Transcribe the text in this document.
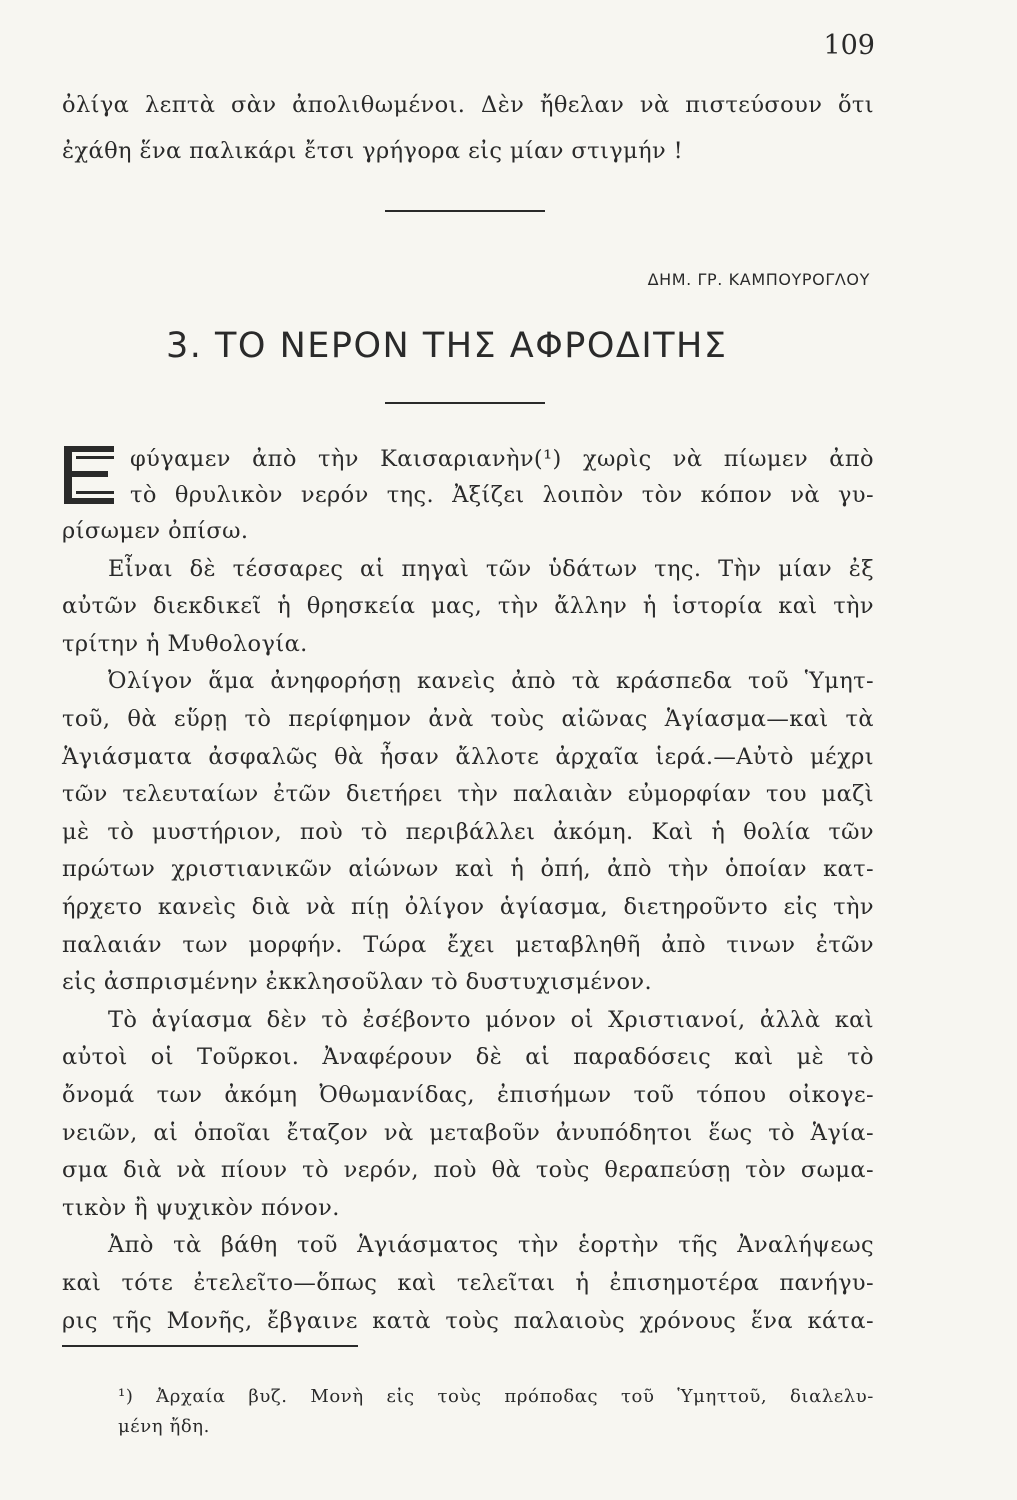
109
ὀλίγα λεπτὰ σὰν ἀπολιθωμένοι. Δὲν ἤθελαν νὰ πιστεύσουν ὅτι
ἐχάθη ἕνα παλικάρι ἔτσι γρήγορα εἰς μίαν στιγμήν !
ΔΗΜ. ΓΡ. ΚΑΜΠΟΥΡΟΓΛΟΥ
3. ΤΟ ΝΕΡΟΝ ΤΗΣ ΑΦΡΟΔΙΤΗΣ
Ε
φύγαμεν ἀπὸ τὴν Καισαριανὴν(¹) χωρὶς νὰ πίωμεν ἀπὸ
τὸ θρυλικὸν νερόν της. Ἀξίζει λοιπὸν τὸν κόπον νὰ γυ-
ρίσωμεν ὀπίσω.
Εἶναι δὲ τέσσαρες αἱ πηγαὶ τῶν ὑδάτων της. Τὴν μίαν ἐξ
αὐτῶν διεκδικεῖ ἡ θρησκεία μας, τὴν ἄλλην ἡ ἱστορία καὶ τὴν
τρίτην ἡ Μυθολογία.
Ὀλίγον ἅμα ἀνηφορήσῃ κανεὶς ἀπὸ τὰ κράσπεδα τοῦ Ὑμητ-
τοῦ, θὰ εὕρῃ τὸ περίφημον ἀνὰ τοὺς αἰῶνας Ἁγίασμα—καὶ τὰ
Ἁγιάσματα ἀσφαλῶς θὰ ἦσαν ἄλλοτε ἀρχαῖα ἱερά.—Αὐτὸ μέχρι
τῶν τελευταίων ἐτῶν διετήρει τὴν παλαιὰν εὐμορφίαν του μαζὶ
μὲ τὸ μυστήριον, ποὺ τὸ περιβάλλει ἀκόμη. Καὶ ἡ θολία τῶν
πρώτων χριστιανικῶν αἰώνων καὶ ἡ ὀπή, ἀπὸ τὴν ὁποίαν κατ-
ήρχετο κανεὶς διὰ νὰ πίῃ ὀλίγον ἁγίασμα, διετηροῦντο εἰς τὴν
παλαιάν των μορφήν. Τώρα ἔχει μεταβληθῆ ἀπὸ τινων ἐτῶν
εἰς ἀσπρισμένην ἐκκλησοῦλαν τὸ δυστυχισμένον.
Τὸ ἁγίασμα δὲν τὸ ἐσέβοντο μόνον οἱ Χριστιανοί, ἀλλὰ καὶ
αὐτοὶ οἱ Τοῦρκοι. Ἀναφέρουν δὲ αἱ παραδόσεις καὶ μὲ τὸ
ὄνομά των ἀκόμη Ὀθωμανίδας, ἐπισήμων τοῦ τόπου οἰκογε-
νειῶν, αἱ ὁποῖαι ἔταζον νὰ μεταβοῦν ἀνυπόδητοι ἕως τὸ Ἁγία-
σμα διὰ νὰ πίουν τὸ νερόν, ποὺ θὰ τοὺς θεραπεύσῃ τὸν σωμα-
τικὸν ἢ ψυχικὸν πόνον.
Ἀπὸ τὰ βάθη τοῦ Ἁγιάσματος τὴν ἑορτὴν τῆς Ἀναλήψεως
καὶ τότε ἐτελεῖτο—ὅπως καὶ τελεῖται ἡ ἐπισημοτέρα πανήγυ-
ρις τῆς Μονῆς, ἔβγαινε κατὰ τοὺς παλαιοὺς χρόνους ἕνα κάτα-
¹) Ἀρχαία βυζ. Μονὴ εἰς τοὺς πρόποδας τοῦ Ὑμηττοῦ, διαλελυ-
μένη ἤδη.
